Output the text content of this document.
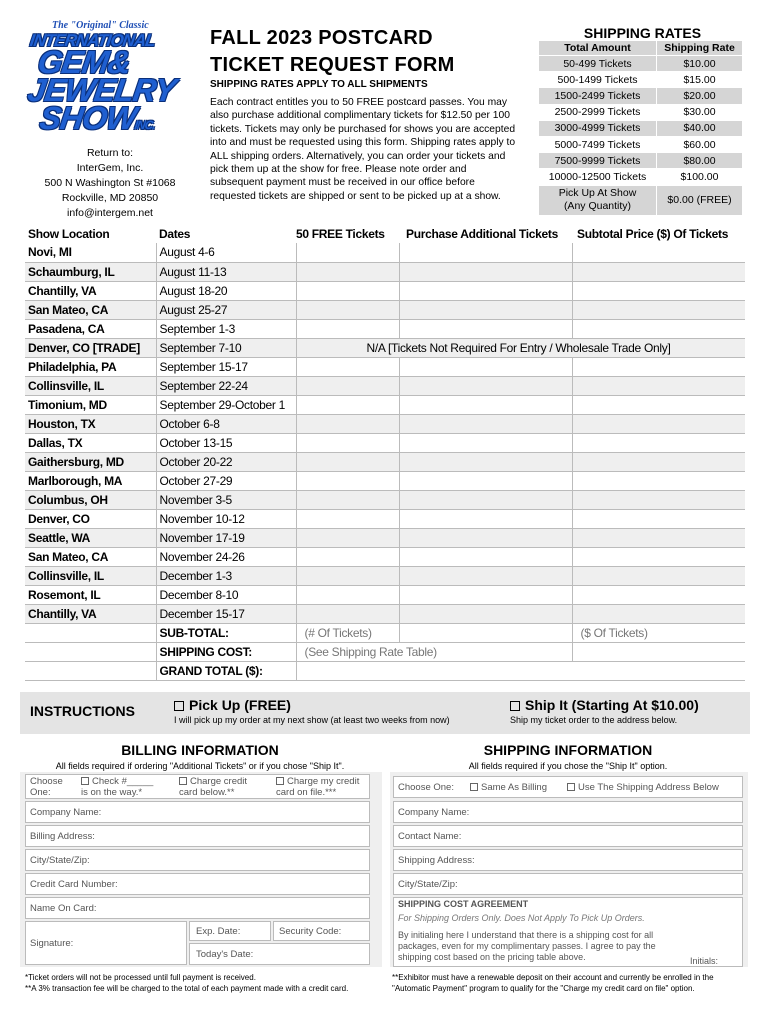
The "Original" Classic
INTERNATIONAL
GEM&
JEWELRY
SHOWINC.
Return to:
InterGem, Inc.
500 N Washington St #1068
Rockville, MD 20850
info@intergem.net
FALL 2023 POSTCARD
TICKET REQUEST FORM
SHIPPING RATES APPLY TO ALL SHIPMENTS
Each contract entitles you to 50 FREE postcard passes. You may also purchase additional complimentary tickets for $12.50 per 100 tickets. Tickets may only be purchased for shows you are accepted into and must be requested using this form. Shipping rates apply to ALL shipping orders. Alternatively, you can order your tickets and pick them up at the show for free. Please note order and subsequent payment must be received in our office before requested tickets are shipped or sent to be picked up at a show.
SHIPPING RATES
Total Amount	Shipping Rate
50-499 Tickets	$10.00
500-1499 Tickets	$15.00
1500-2499 Tickets	$20.00
2500-2999 Tickets	$30.00
3000-4999 Tickets	$40.00
5000-7499 Tickets	$60.00
7500-9999 Tickets	$80.00
10000-12500 Tickets	$100.00

Pick Up At Show
(Any Quantity)	$0.00 (FREE)
Show Location	Dates	50 FREE Tickets	Purchase Additional Tickets	Subtotal Price ($) Of Tickets
Novi, MI	August 4-6			
Schaumburg, IL	August 11-13			
Chantilly, VA	August 18-20			
San Mateo, CA	August 25-27			
Pasadena, CA	September 1-3			
Denver, CO [TRADE]	September 7-10	N/A [Tickets Not Required For Entry / Wholesale Trade Only]		
Philadelphia, PA	September 15-17			
Collinsville, IL	September 22-24			
Timonium, MD	September 29-October 1			
Houston, TX	October 6-8			
Dallas, TX	October 13-15			
Gaithersburg, MD	October 20-22			
Marlborough, MA	October 27-29			
Columbus, OH	November 3-5			
Denver, CO	November 10-12			
Seattle, WA	November 17-19			
San Mateo, CA	November 24-26			
Collinsville, IL	December 1-3			
Rosemont, IL	December 8-10			
Chantilly, VA	December 15-17			
	SUB-TOTAL:	(# Of Tickets)		($ Of Tickets)
	SHIPPING COST:	(See Shipping Rate Table)		
	GRAND TOTAL ($):			
INSTRUCTIONS	Pick Up (FREE)
I will pick up my order at my next show (at least two weeks from now)
Ship It (Starting At $10.00)
Ship my ticket order to the address below.
BILLING INFORMATION
All fields required if ordering "Additional Tickets" or if you chose "Ship It".
Choose
One:
Check #_____
is on the way.*
Charge credit
card below.**
Charge my credit
card on file.***
Company Name:
Billing Address:
City/State/Zip:
Credit Card Number:
Name On Card:
Signature:
Exp. Date:	Security Code:
Today's Date:
SHIPPING INFORMATION
All fields required if you chose the "Ship It" option.
Choose One:	Same As Billing	Use The Shipping Address Below
Company Name:
Contact Name:
Shipping Address:
City/State/Zip:
SHIPPING COST AGREEMENT
For Shipping Orders Only. Does Not Apply To Pick Up Orders.
By initialing here I understand that there is a shipping cost for all packages, even for my complimentary passes. I agree to pay the shipping cost based on the pricing table above.	Initials:
*Ticket orders will not be processed until full payment is received.
**A 3% transaction fee will be charged to the total of each payment made with a credit card.
**Exhibitor must have a renewable deposit on their account and currently be enrolled in the
"Automatic Payment" program to qualify for the "Charge my credit card on file" option.
